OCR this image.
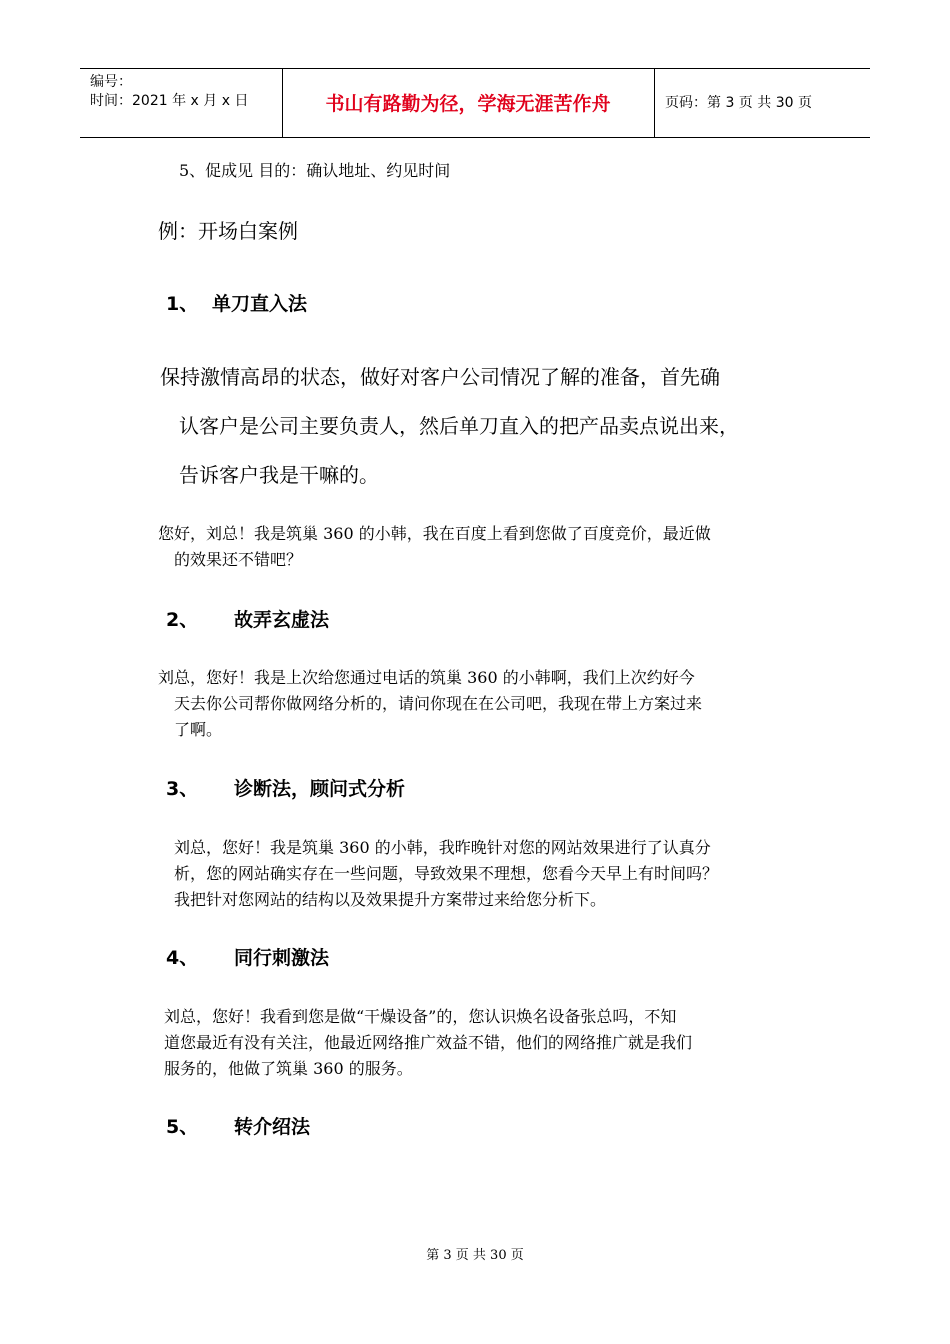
编号：
时间：2021 年 x 月 x 日	书山有路勤为径，学海无涯苦作舟	页码：第 3 页 共 30 页
5、促成见 目的：确认地址、约见时间
例：开场白案例
1、 单刀直入法
保持激情高昂的状态，做好对客户公司情况了解的准备，首先确
认客户是公司主要负责人，然后单刀直入的把产品卖点说出来，
告诉客户我是干嘛的。
您好，刘总！我是筑巢 360 的小韩，我在百度上看到您做了百度竞价，最近做
的效果还不错吧？
2、 故弄玄虚法
刘总，您好！我是上次给您通过电话的筑巢 360 的小韩啊，我们上次约好今
天去你公司帮你做网络分析的，请问你现在在公司吧，我现在带上方案过来
了啊。
3、 诊断法，顾问式分析
刘总，您好！我是筑巢 360 的小韩，我昨晚针对您的网站效果进行了认真分
析，您的网站确实存在一些问题，导致效果不理想，您看今天早上有时间吗？
我把针对您网站的结构以及效果提升方案带过来给您分析下。
4、 同行刺激法
刘总，您好！我看到您是做“干燥设备”的，您认识焕名设备张总吗，不知
道您最近有没有关注，他最近网络推广效益不错，他们的网络推广就是我们
服务的，他做了筑巢 360 的服务。
5、 转介绍法
第 3 页 共 30 页
